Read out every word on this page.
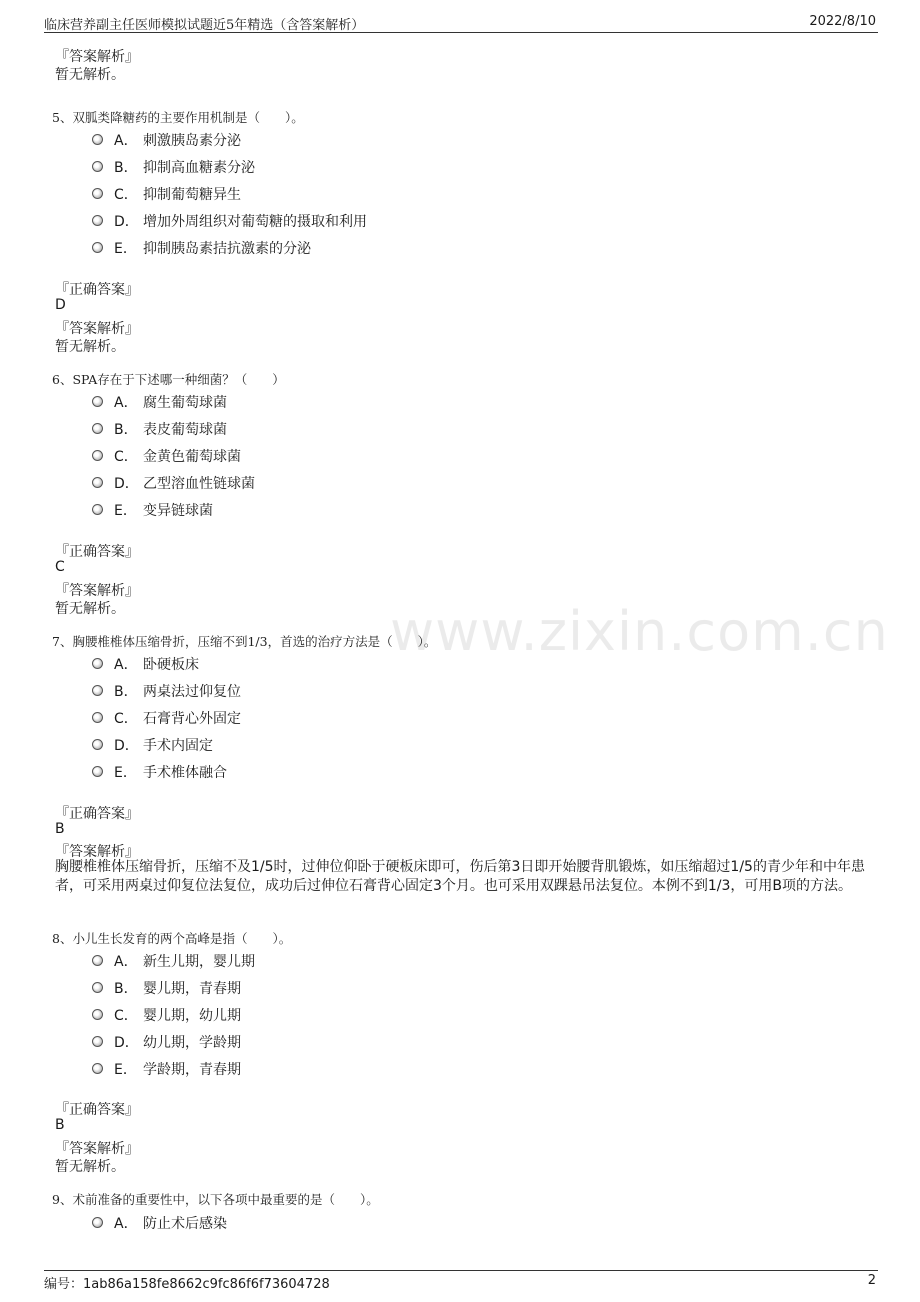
临床营养副主任医师模拟试题近5年精选（含答案解析）	2022/8/10
www.zixin.com.cn
『答案解析』
暂无解析。
5、双胍类降糖药的主要作用机制是（　　）。
A． 刺激胰岛素分泌
B． 抑制高血糖素分泌
C． 抑制葡萄糖异生
D． 增加外周组织对葡萄糖的摄取和利用
E． 抑制胰岛素拮抗激素的分泌
『正确答案』
D
『答案解析』
暂无解析。
6、SPA存在于下述哪一种细菌？（　　）
A． 腐生葡萄球菌
B． 表皮葡萄球菌
C． 金黄色葡萄球菌
D． 乙型溶血性链球菌
E． 变异链球菌
『正确答案』
C
『答案解析』
暂无解析。
7、胸腰椎椎体压缩骨折，压缩不到1/3，首选的治疗方法是（　　）。
A． 卧硬板床
B． 两桌法过仰复位
C． 石膏背心外固定
D． 手术内固定
E． 手术椎体融合
『正确答案』
B
『答案解析』
胸腰椎椎体压缩骨折，压缩不及1/5时，过伸位仰卧于硬板床即可，伤后第3日即开始腰背肌锻炼，如压缩超过1/5的青少年和中年患者，可采用两桌过仰复位法复位，成功后过伸位石膏背心固定3个月。也可采用双踝悬吊法复位。本例不到1/3，可用B项的方法。
8、小儿生长发育的两个高峰是指（　　）。
A． 新生儿期，婴儿期
B． 婴儿期，青春期
C． 婴儿期，幼儿期
D． 幼儿期，学龄期
E． 学龄期，青春期
『正确答案』
B
『答案解析』
暂无解析。
9、术前准备的重要性中，以下各项中最重要的是（　　）。
A． 防止术后感染
编号：1ab86a158fe8662c9fc86f6f73604728	2
